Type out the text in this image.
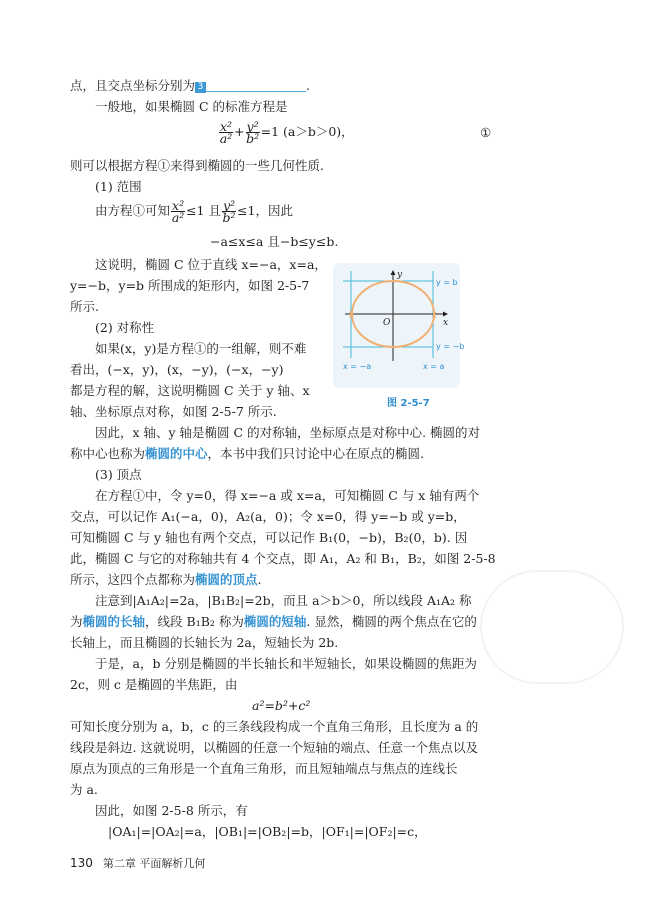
点，且交点坐标分别为 3	.
一般地，如果椭圆 C 的标准方程是
$\frac{\text{x²}}{\text{a²}} + \frac{\text{y²}}{\text{b²}} =1$ (a＞b＞0)，	①
则可以根据方程①来得到椭圆的一些几何性质.
(1) 范围
由方程①可知 $\frac{\text{x²}}{\text{a²}} \le 1$ 且 $\frac{\text{y²}}{\text{b²}} \le 1$，因此
−a≤x≤a 且−b≤y≤b.
这说明，椭圆 C 位于直线 x=−a，x=a，
y=−b，y=b 所围成的矩形内，如图 2-5-7
所示.
(2) 对称性
如果(x，y)是方程①的一组解，则不难
看出，(−x，y)，(x，−y)，(−x，−y)
都是方程的解，这说明椭圆 C 关于 y 轴、x
轴、坐标原点对称，如图 2-5-7 所示.
↕	↕
y
x
O
y = b
y = −b
x = −a	x = a
图 2-5-7
因此，x 轴、y 轴是椭圆 C 的对称轴，坐标原点是对称中心. 椭圆的对
称中心也称为椭圆的中心，本书中我们只讨论中心在原点的椭圆.
(3) 顶点
在方程①中，令 y=0，得 x=−a 或 x=a，可知椭圆 C 与 x 轴有两个
交点，可以记作 A₁(−a，0)，A₂(a，0)；令 x=0，得 y=−b 或 y=b，
可知椭圆 C 与 y 轴也有两个交点，可以记作 B₁(0，−b)，B₂(0，b). 因
此，椭圆 C 与它的对称轴共有 4 个交点，即 A₁，A₂ 和 B₁，B₂，如图 2-5-8
所示，这四个点都称为椭圆的顶点.
注意到|A₁A₂|=2a，|B₁B₂|=2b，而且 a＞b＞0，所以线段 A₁A₂ 称
为椭圆的长轴，线段 B₁B₂ 称为椭圆的短轴. 显然，椭圆的两个焦点在它的
长轴上，而且椭圆的长轴长为 2a，短轴长为 2b.
于是，a，b 分别是椭圆的半长轴长和半短轴长，如果设椭圆的焦距为
2c，则 c 是椭圆的半焦距，由
a²=b²+c²
可知长度分别为 a，b，c 的三条线段构成一个直角三角形，且长度为 a 的
线段是斜边. 这就说明，以椭圆的任意一个短轴的端点、任意一个焦点以及
原点为顶点的三角形是一个直角三角形，而且短轴端点与焦点的连线长
为 a.
因此，如图 2-5-8 所示，有
|OA₁|=|OA₂|=a，|OB₁|=|OB₂|=b，|OF₁|=|OF₂|=c，
130 第二章 平面解析几何
